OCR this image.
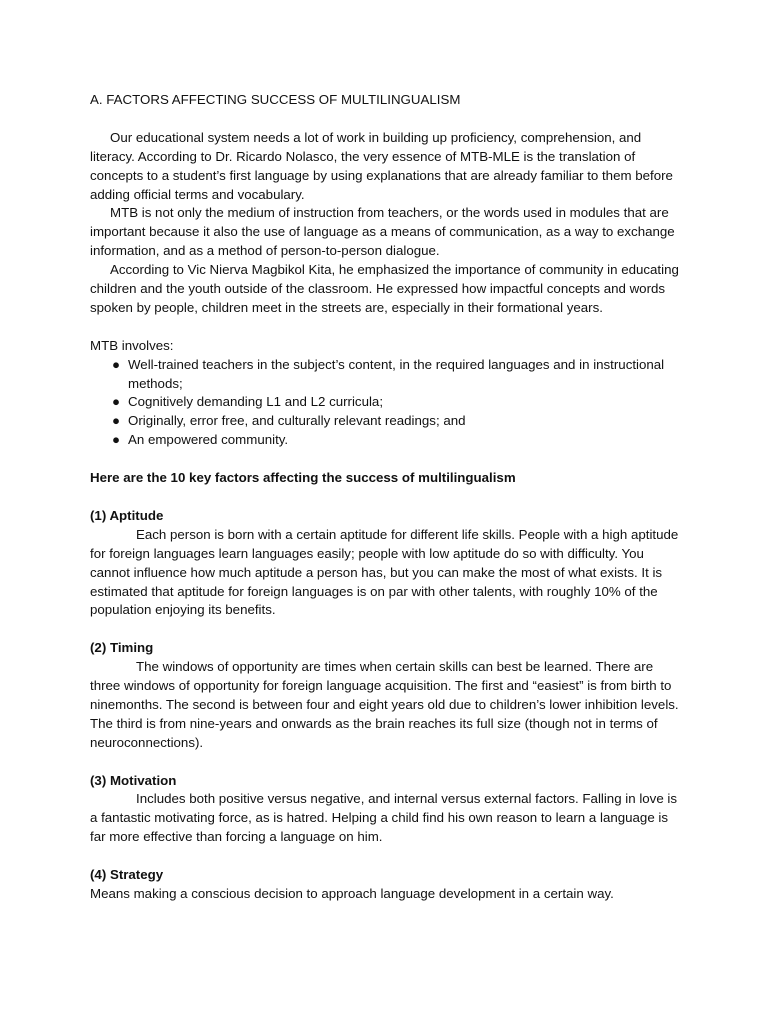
A. FACTORS AFFECTING SUCCESS OF MULTILINGUALISM

Our educational system needs a lot of work in building up proficiency, comprehension, and literacy. According to Dr. Ricardo Nolasco, the very essence of MTB-MLE is the translation of concepts to a student’s first language by using explanations that are already familiar to them before adding official terms and vocabulary.

MTB is not only the medium of instruction from teachers, or the words used in modules that are important because it also the use of language as a means of communication, as a way to exchange information, and as a method of person-to-person dialogue.

According to Vic Nierva Magbikol Kita, he emphasized the importance of community in educating children and the youth outside of the classroom. He expressed how impactful concepts and words spoken by people, children meet in the streets are, especially in their formational years.

MTB involves:

● Well-trained teachers in the subject’s content, in the required languages and in instructional methods;
● Cognitively demanding L1 and L2 curricula;
● Originally, error free, and culturally relevant readings; and
● An empowered community.

Here are the 10 key factors affecting the success of multilingualism

(1) Aptitude

Each person is born with a certain aptitude for different life skills. People with a high aptitude for foreign languages learn languages easily; people with low aptitude do so with difficulty. You cannot influence how much aptitude a person has, but you can make the most of what exists. It is estimated that aptitude for foreign languages is on par with other talents, with roughly 10% of the population enjoying its benefits.

(2) Timing

The windows of opportunity are times when certain skills can best be learned. There are three windows of opportunity for foreign language acquisition. The first and “easiest” is from birth to ninemonths. The second is between four and eight years old due to children’s lower inhibition levels. The third is from nine-years and onwards as the brain reaches its full size (though not in terms of neuroconnections).

(3) Motivation

Includes both positive versus negative, and internal versus external factors. Falling in love is a fantastic motivating force, as is hatred. Helping a child find his own reason to learn a language is far more effective than forcing a language on him.

(4) Strategy

Means making a conscious decision to approach language development in a certain way.
